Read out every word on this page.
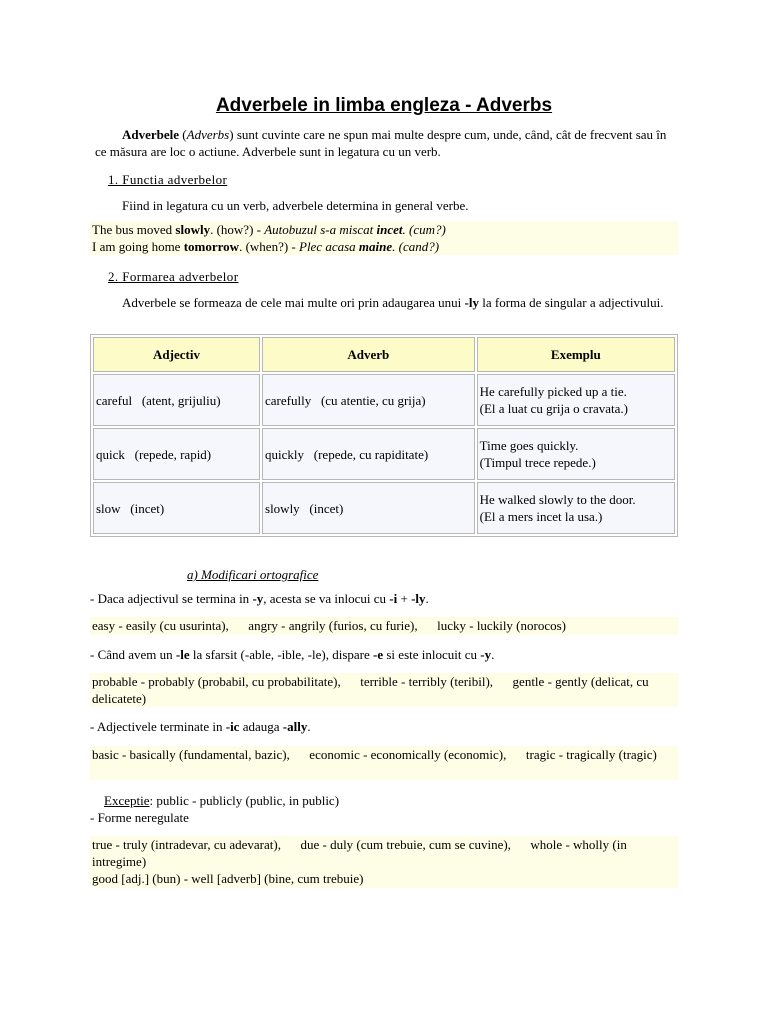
Adverbele in limba engleza - Adverbs
Adverbele (Adverbs) sunt cuvinte care ne spun mai multe despre cum, unde, când, cât de frecvent sau în ce măsura are loc o actiune. Adverbele sunt in legatura cu un verb.
1. Functia adverbelor
Fiind in legatura cu un verb, adverbele determina in general verbe.
The bus moved slowly. (how?) - Autobuzul s-a miscat incet. (cum?)
I am going home tomorrow. (when?) - Plec acasa maine. (cand?)
2. Formarea adverbelor
Adverbele se formeaza de cele mai multe ori prin adaugarea unui -ly la forma de singular a adjectivului.
Adjectiv	Adverb	Exemplu
careful   (atent, grijuliu)	carefully   (cu atentie, cu grija)	He carefully picked up a tie.
(El a luat cu grija o cravata.)

quick   (repede, rapid)	quickly   (repede, cu rapiditate)	Time goes quickly.
(Timpul trece repede.)

slow   (incet)	slowly   (incet)	He walked slowly to the door.
(El a mers incet la usa.)
a) Modificari ortografice
- Daca adjectivul se termina in -y, acesta se va inlocui cu -i + -ly.
easy - easily (cu usurinta),      angry - angrily (furios, cu furie),      lucky - luckily (norocos)
- Când avem un -le la sfarsit (-able, -ible, -le), dispare -e si este inlocuit cu -y.
probable - probably (probabil, cu probabilitate),      terrible - terribly (teribil),      gentle - gently (delicat, cu delicatete)
- Adjectivele terminate in -ic adauga -ally.
basic - basically (fundamental, bazic),      economic - economically (economic),      tragic - tragically (tragic)
Exceptie: public - publicly (public, in public)
- Forme neregulate
true - truly (intradevar, cu adevarat),      due - duly (cum trebuie, cum se cuvine),      whole - wholly (in intregime)
good [adj.] (bun) - well [adverb] (bine, cum trebuie)
